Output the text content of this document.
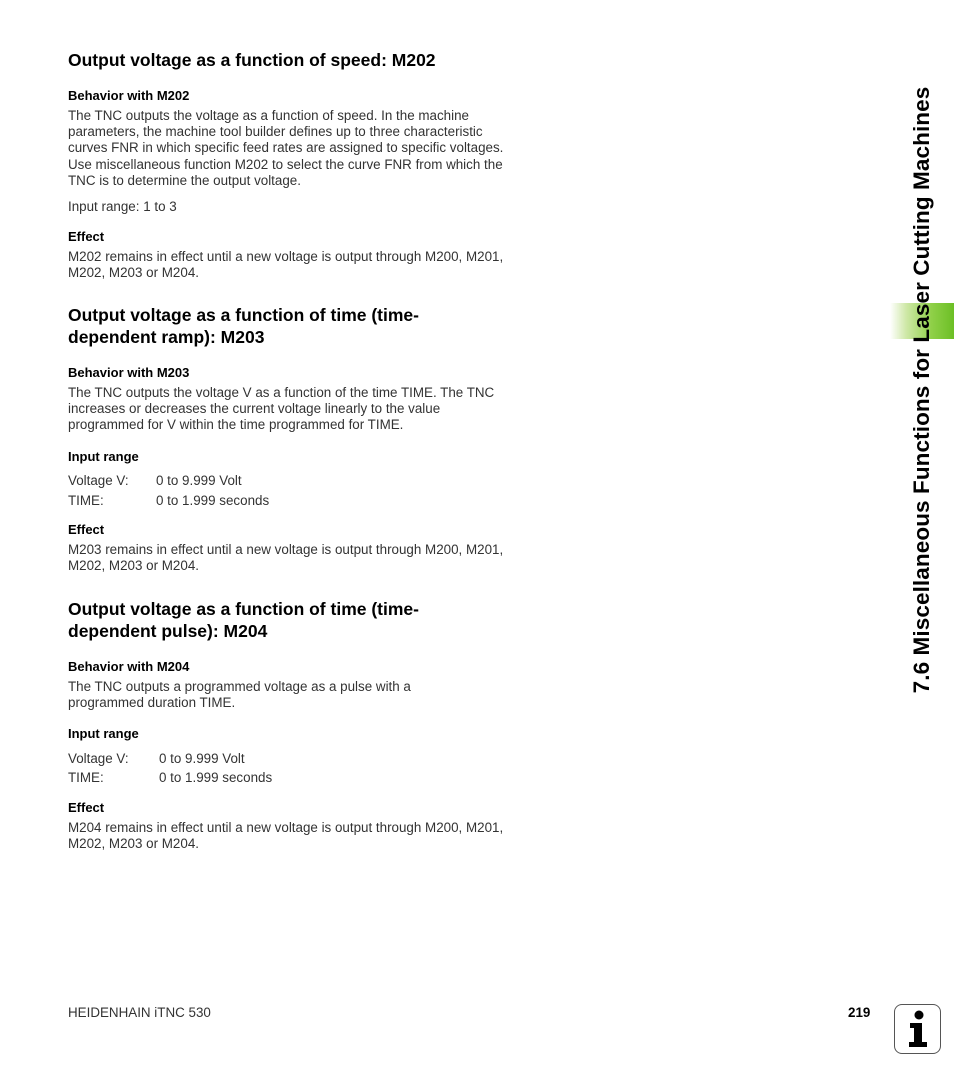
Output voltage as a function of speed: M202
Behavior with M202

The TNC outputs the voltage as a function of speed. In the machine parameters, the machine tool builder defines up to three characteristic curves FNR in which specific feed rates are assigned to specific voltages. Use miscellaneous function M202 to select the curve FNR from which the TNC is to determine the output voltage.

Input range: 1 to 3

Effect

M202 remains in effect until a new voltage is output through M200, M201, M202, M203 or M204.

Output voltage as a function of time (time-
dependent ramp): M203
Behavior with M203

The TNC outputs the voltage V as a function of the time TIME. The TNC increases or decreases the current voltage linearly to the value programmed for V within the time programmed for TIME.

Input range
Voltage V: 0 to 9.999 Volt
TIME:	0 to 1.999 seconds
Effect

M203 remains in effect until a new voltage is output through M200, M201, M202, M203 or M204.

Output voltage as a function of time (time-
dependent pulse): M204
Behavior with M204

The TNC outputs a programmed voltage as a pulse with a programmed duration TIME.

Input range
Voltage V: 0 to 9.999 Volt
TIME:	0 to 1.999 seconds
Effect

M204 remains in effect until a new voltage is output through M200, M201, M202, M203 or M204.

7.6 Miscellaneous Functions for Laser Cutting Machines
HEIDENHAIN iTNC 530	219
